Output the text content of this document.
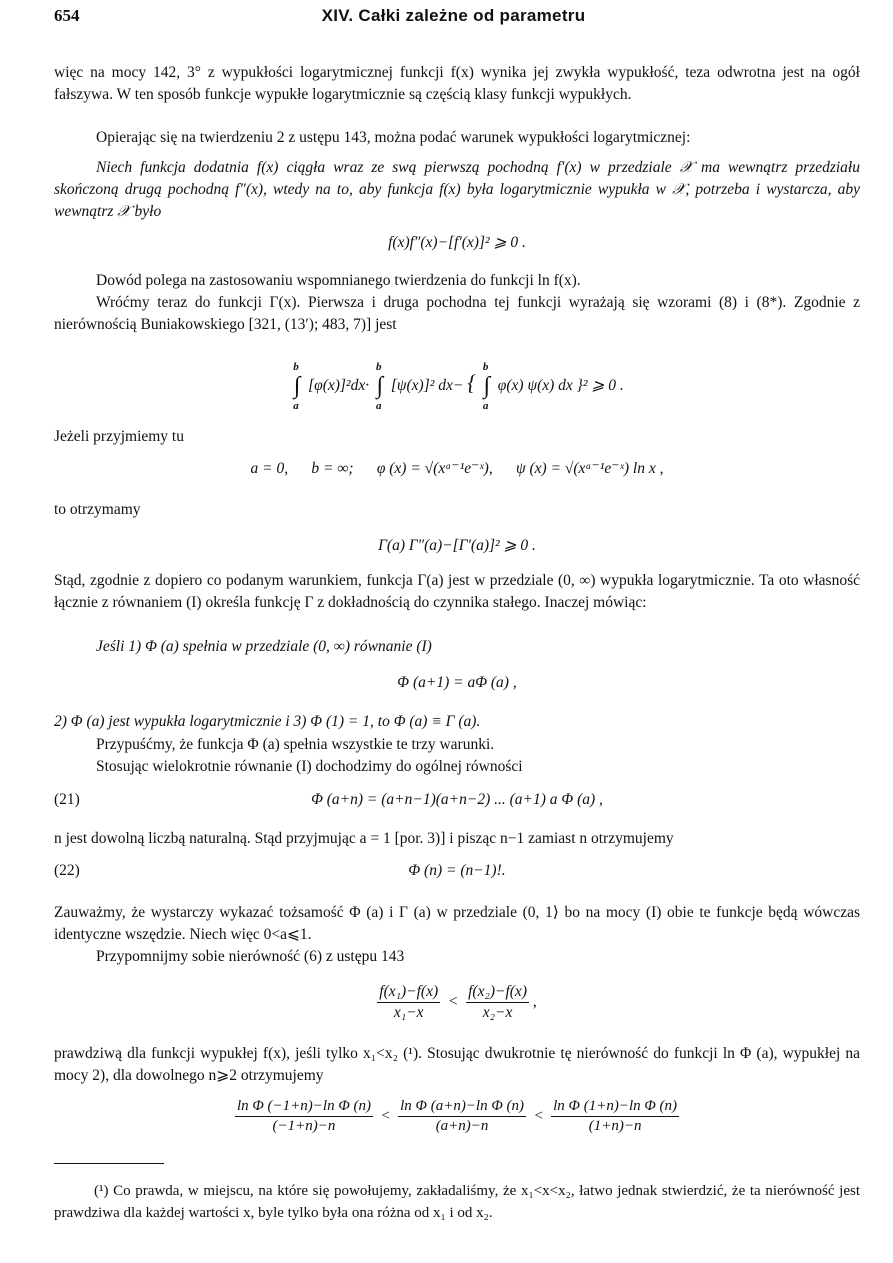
654	XIV. Całki zależne od parametru
więc na mocy 142, 3° z wypukłości logarytmicznej funkcji f(x) wynika jej zwykła wypukłość, teza odwrotna jest na ogół fałszywa. W ten sposób funkcje wypukłe logarytmicznie są częścią klasy funkcji wypukłych.
Opierając się na twierdzeniu 2 z ustępu 143, można podać warunek wypukłości logarytmicznej:
Niech funkcja dodatnia f(x) ciągła wraz ze swą pierwszą pochodną f′(x) w przedziale 𝒳 ma wewnątrz przedziału skończoną drugą pochodną f″(x), wtedy na to, aby funkcja f(x) była logarytmicznie wypukła w 𝒳, potrzeba i wystarcza, aby wewnątrz 𝒳 było
f(x)f″(x)−[f′(x)]² ⩾ 0 .
Dowód polega na zastosowaniu wspomnianego twierdzenia do funkcji ln f(x).
Wróćmy teraz do funkcji Γ(x). Pierwsza i druga pochodna tej funkcji wyrażają się wzorami (8) i (8*). Zgodnie z nierównością Buniakowskiego [321, (13′); 483, 7)] jest
∫
b
a
[φ(x)]²dx· ∫
b
a
[ψ(x)]² dx− { ∫
b
a
φ(x) ψ(x) dx }² ⩾ 0 .
Jeżeli przyjmiemy tu
a = 0, b = ∞; φ (x) = √(xᵃ⁻¹e⁻ˣ), ψ (x) = √(xᵃ⁻¹e⁻ˣ) ln x ,
to otrzymamy
Γ(a) Γ″(a)−[Γ′(a)]² ⩾ 0 .
Stąd, zgodnie z dopiero co podanym warunkiem, funkcja Γ(a) jest w przedziale (0, ∞) wypukła logarytmicznie. Ta oto własność łącznie z równaniem (I) określa funkcję Γ z dokładnością do czynnika stałego. Inaczej mówiąc:
Jeśli 1) Φ (a) spełnia w przedziale (0, ∞) równanie (I)
Φ (a+1) = aΦ (a) ,
2) Φ (a) jest wypukła logarytmicznie i 3) Φ (1) = 1, to Φ (a) ≡ Γ (a).
Przypuśćmy, że funkcja Φ (a) spełnia wszystkie te trzy warunki.
Stosując wielokrotnie równanie (I) dochodzimy do ogólnej równości
(21)	Φ (a+n) = (a+n−1)(a+n−2) ... (a+1) a Φ (a) ,
n jest dowolną liczbą naturalną. Stąd przyjmując a = 1 [por. 3)] i pisząc n−1 zamiast n otrzymujemy
(22)	Φ (n) = (n−1)!.
Zauważmy, że wystarczy wykazać tożsamość Φ (a) i Γ (a) w przedziale (0, 1⟩ bo na mocy (I) obie te funkcje będą wówczas identyczne wszędzie. Niech więc 0<a⩽1.
Przypomnijmy sobie nierówność (6) z ustępu 143
$\frac{\text{f(x₁)−f(x)}}{\text{x₁−x}} < \frac{\text{f(x₂)−f(x)}}{\text{x₂−x}}$ ,
prawdziwą dla funkcji wypukłej f(x), jeśli tylko x₁<x₂ (¹). Stosując dwukrotnie tę nierówność do funkcji ln Φ (a), wypukłej na mocy 2), dla dowolnego n⩾2 otrzymujemy
$\frac{\text{ln Φ (−1+n)−ln Φ (n)}}{(-1+n)-n} < \frac{\text{ln Φ (a+n)−ln Φ (n)}}{(a+n)-n} < \frac{\text{ln Φ (1+n)−ln Φ (n)}}{(1+n)-n}$
(¹) Co prawda, w miejscu, na które się powołujemy, zakładaliśmy, że x₁<x<x₂, łatwo jednak stwierdzić, że ta nierówność jest prawdziwa dla każdej wartości x, byle tylko była ona różna od x₁ i od x₂.
